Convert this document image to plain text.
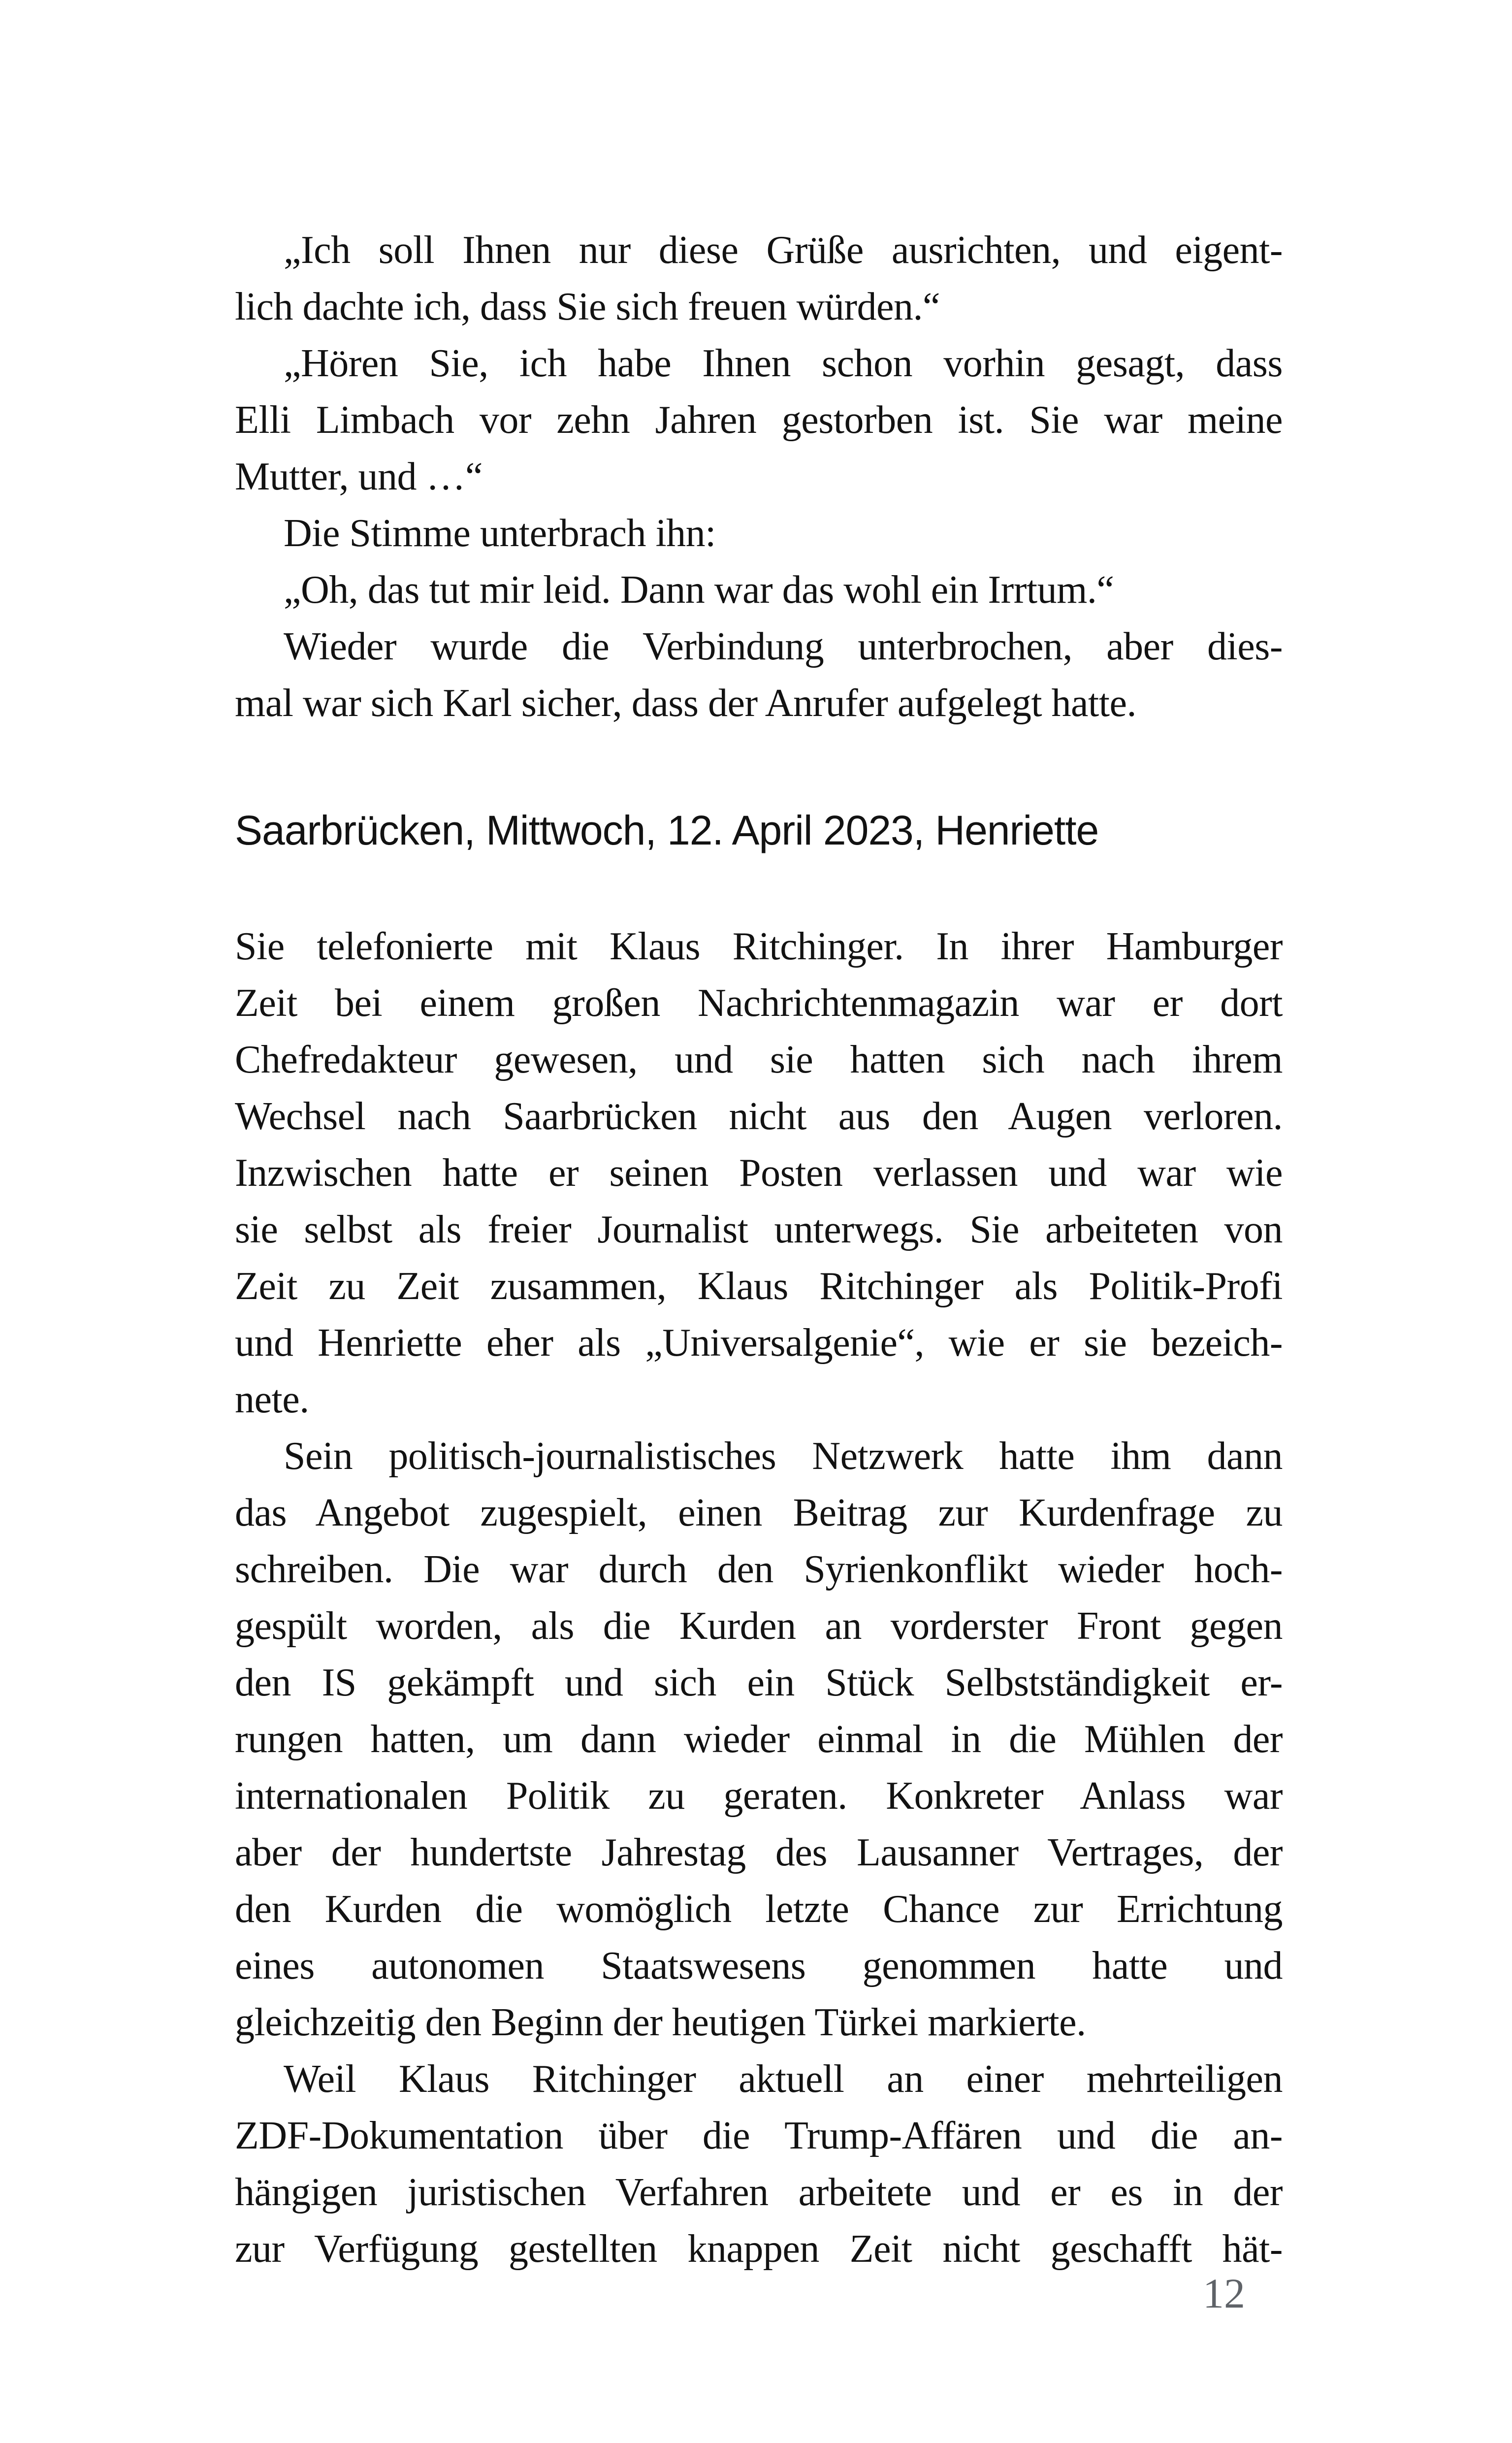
„Ich soll Ihnen nur diese Grüße ausrichten, und eigent-
lich dachte ich, dass Sie sich freuen würden.“
„Hören Sie, ich habe Ihnen schon vorhin gesagt, dass
Elli Limbach vor zehn Jahren gestorben ist. Sie war meine
Mutter, und …“
Die Stimme unterbrach ihn:
„Oh, das tut mir leid. Dann war das wohl ein Irrtum.“
Wieder wurde die Verbindung unterbrochen, aber dies-
mal war sich Karl sicher, dass der Anrufer aufgelegt hatte.
Saarbrücken, Mittwoch, 12. April 2023, Henriette
Sie telefonierte mit Klaus Ritchinger. In ihrer Hamburger
Zeit bei einem großen Nachrichtenmagazin war er dort
Chefredakteur gewesen, und sie hatten sich nach ihrem
Wechsel nach Saarbrücken nicht aus den Augen verloren.
Inzwischen hatte er seinen Posten verlassen und war wie
sie selbst als freier Journalist unterwegs. Sie arbeiteten von
Zeit zu Zeit zusammen, Klaus Ritchinger als Politik-Profi
und Henriette eher als „Universalgenie“, wie er sie bezeich-
nete.
Sein politisch-journalistisches Netzwerk hatte ihm dann
das Angebot zugespielt, einen Beitrag zur Kurdenfrage zu
schreiben. Die war durch den Syrienkonflikt wieder hoch-
gespült worden, als die Kurden an vorderster Front gegen
den IS gekämpft und sich ein Stück Selbstständigkeit er-
rungen hatten, um dann wieder einmal in die Mühlen der
internationalen Politik zu geraten. Konkreter Anlass war
aber der hundertste Jahrestag des Lausanner Vertrages, der
den Kurden die womöglich letzte Chance zur Errichtung
eines autonomen Staatswesens genommen hatte und
gleichzeitig den Beginn der heutigen Türkei markierte.
Weil Klaus Ritchinger aktuell an einer mehrteiligen
ZDF-Dokumentation über die Trump-Affären und die an-
hängigen juristischen Verfahren arbeitete und er es in der
zur Verfügung gestellten knappen Zeit nicht geschafft hät-
12
